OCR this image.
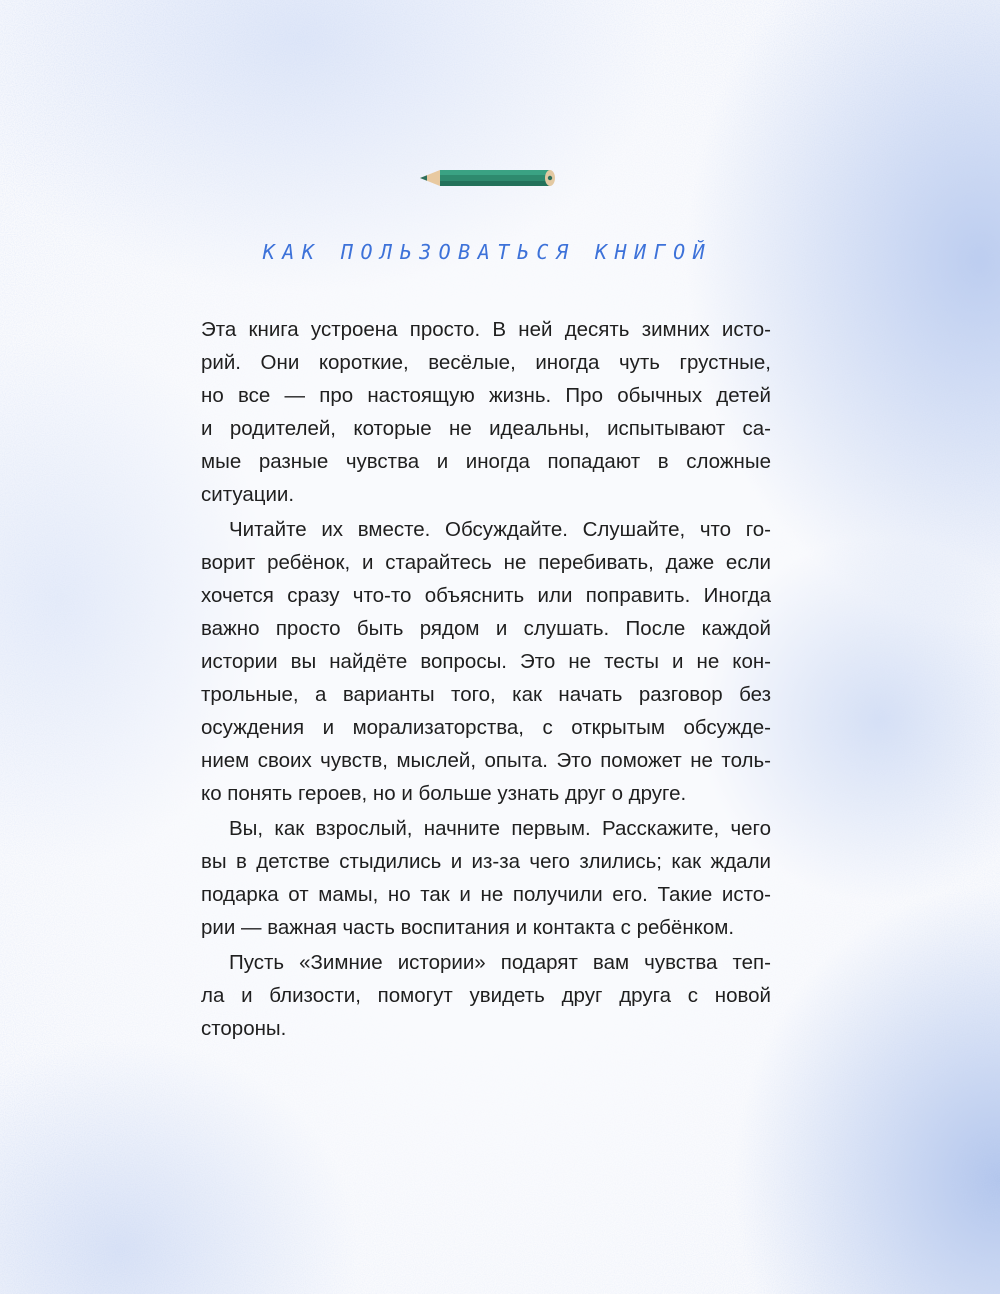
КАК ПОЛЬЗОВАТЬСЯ КНИГОЙ
Эта книга устроена просто. В ней десять зимних исто-
рий. Они короткие, весёлые, иногда чуть грустные,
но все — про настоящую жизнь. Про обычных детей
и родителей, которые не идеальны, испытывают са-
мые разные чувства и иногда попадают в сложные
ситуации.
Читайте их вместе. Обсуждайте. Слушайте, что го-
ворит ребёнок, и старайтесь не перебивать, даже если
хочется сразу что-то объяснить или поправить. Иногда
важно просто быть рядом и слушать. После каждой
истории вы найдёте вопросы. Это не тесты и не кон-
трольные, а варианты того, как начать разговор без
осуждения и морализаторства, с открытым обсужде-
нием своих чувств, мыслей, опыта. Это поможет не толь-
ко понять героев, но и больше узнать друг о друге.
Вы, как взрослый, начните первым. Расскажите, чего
вы в детстве стыдились и из-за чего злились; как ждали
подарка от мамы, но так и не получили его. Такие исто-
рии — важная часть воспитания и контакта с ребёнком.
Пусть «Зимние истории» подарят вам чувства теп-
ла и близости, помогут увидеть друг друга с новой
стороны.
